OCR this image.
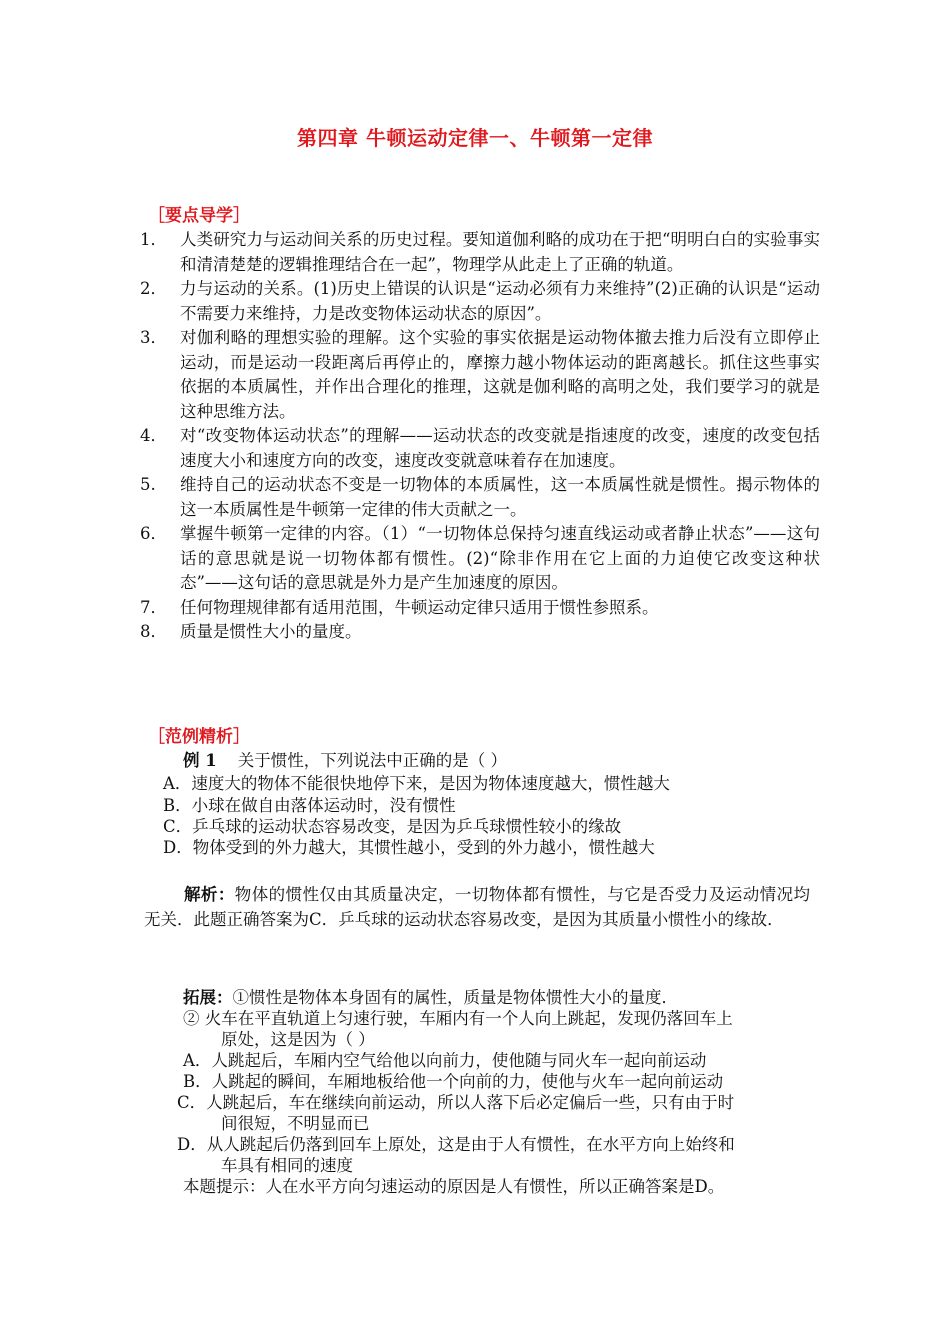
第四章 牛顿运动定律一、牛顿第一定律
［要点导学］
1． 人类研究力与运动间关系的历史过程。要知道伽利略的成功在于把“明明白白的实验事实和清清楚楚的逻辑推理结合在一起”，物理学从此走上了正确的轨道。
2． 力与运动的关系。(1)历史上错误的认识是“运动必须有力来维持”(2)正确的认识是“运动不需要力来维持，力是改变物体运动状态的原因”。
3． 对伽利略的理想实验的理解。这个实验的事实依据是运动物体撤去推力后没有立即停止运动，而是运动一段距离后再停止的，摩擦力越小物体运动的距离越长。抓住这些事实依据的本质属性，并作出合理化的推理，这就是伽利略的高明之处，我们要学习的就是这种思维方法。
4． 对“改变物体运动状态”的理解——运动状态的改变就是指速度的改变，速度的改变包括速度大小和速度方向的改变，速度改变就意味着存在加速度。
5. 维持自己的运动状态不变是一切物体的本质属性，这一本质属性就是惯性。揭示物体的这一本质属性是牛顿第一定律的伟大贡献之一。
6． 掌握牛顿第一定律的内容。（1）“一切物体总保持匀速直线运动或者静止状态”——这句话的意思就是说一切物体都有惯性。(2)“除非作用在它上面的力迫使它改变这种状态”——这句话的意思就是外力是产生加速度的原因。
7． 任何物理规律都有适用范围，牛顿运动定律只适用于惯性参照系。
8． 质量是惯性大小的量度。
［范例精析］
例 1 关于惯性，下列说法中正确的是（ ）
A．速度大的物体不能很快地停下来，是因为物体速度越大，惯性越大
B．小球在做自由落体运动时，没有惯性
C．乒乓球的运动状态容易改变，是因为乒乓球惯性较小的缘故
D．物体受到的外力越大，其惯性越小，受到的外力越小，惯性越大
解析：物体的惯性仅由其质量决定，一切物体都有惯性，与它是否受力及运动情况均无关．此题正确答案为C．乒乓球的运动状态容易改变，是因为其质量小惯性小的缘故．
拓展：①惯性是物体本身固有的属性，质量是物体惯性大小的量度．
② 火车在平直轨道上匀速行驶，车厢内有一个人向上跳起，发现仍落回车上
原处，这是因为（ ）
A．人跳起后，车厢内空气给他以向前力，使他随与同火车一起向前运动
B．人跳起的瞬间，车厢地板给他一个向前的力，使他与火车一起向前运动
C．人跳起后，车在继续向前运动，所以人落下后必定偏后一些，只有由于时
间很短，不明显而已
D．从人跳起后仍落到回车上原处，这是由于人有惯性，在水平方向上始终和
车具有相同的速度
本题提示：人在水平方向匀速运动的原因是人有惯性，所以正确答案是D。
